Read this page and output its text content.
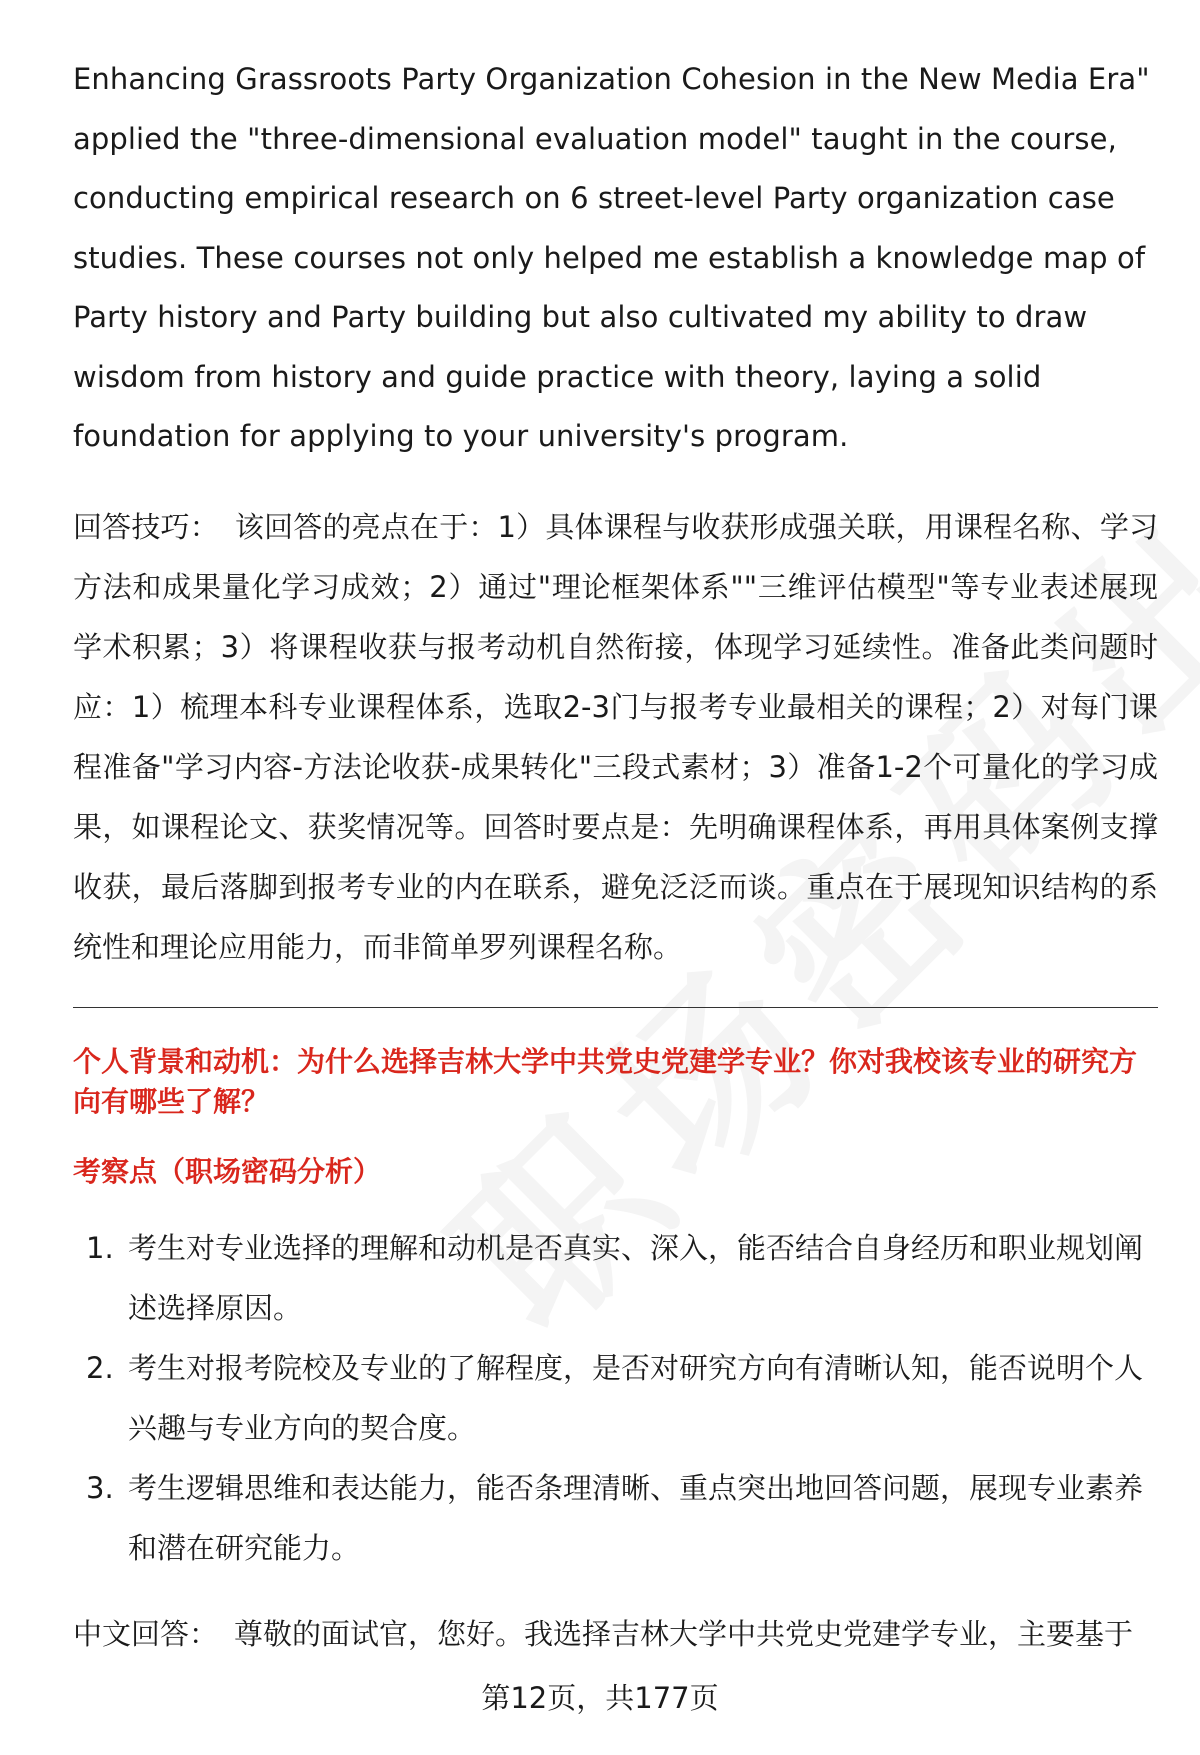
Enhancing Grassroots Party Organization Cohesion in the New Media Era"

applied the "three-dimensional evaluation model" taught in the course,

conducting empirical research on 6 street-level Party organization case

studies. These courses not only helped me establish a knowledge map of

Party history and Party building but also cultivated my ability to draw

wisdom from history and guide practice with theory, laying a solid

foundation for applying to your university's program.

回答技巧： 该回答的亮点在于：1）具体课程与收获形成强关联，用课程名称、学习方法和成果量化学习成效；2）通过"理论框架体系""三维评估模型"等专业表述展现学术积累；3）将课程收获与报考动机自然衔接，体现学习延续性。准备此类问题时应：1）梳理本科专业课程体系，选取2-3门与报考专业最相关的课程；2）对每门课程准备"学习内容-方法论收获-成果转化"三段式素材；3）准备1-2个可量化的学习成果，如课程论文、获奖情况等。回答时要点是：先明确课程体系，再用具体案例支撑收获，最后落脚到报考专业的内在联系，避免泛泛而谈。重点在于展现知识结构的系统性和理论应用能力，而非简单罗列课程名称。
个人背景和动机：为什么选择吉林大学中共党史党建学专业？你对我校该专业的研究方向有哪些了解？
考察点（职场密码分析）
1. 考生对专业选择的理解和动机是否真实、深入，能否结合自身经历和职业规划阐述选择原因。
2. 考生对报考院校及专业的了解程度，是否对研究方向有清晰认知，能否说明个人兴趣与专业方向的契合度。
3. 考生逻辑思维和表达能力，能否条理清晰、重点突出地回答问题，展现专业素养和潜在研究能力。
中文回答： 尊敬的面试官，您好。我选择吉林大学中共党史党建学专业，主要基于
第12页，共177页
